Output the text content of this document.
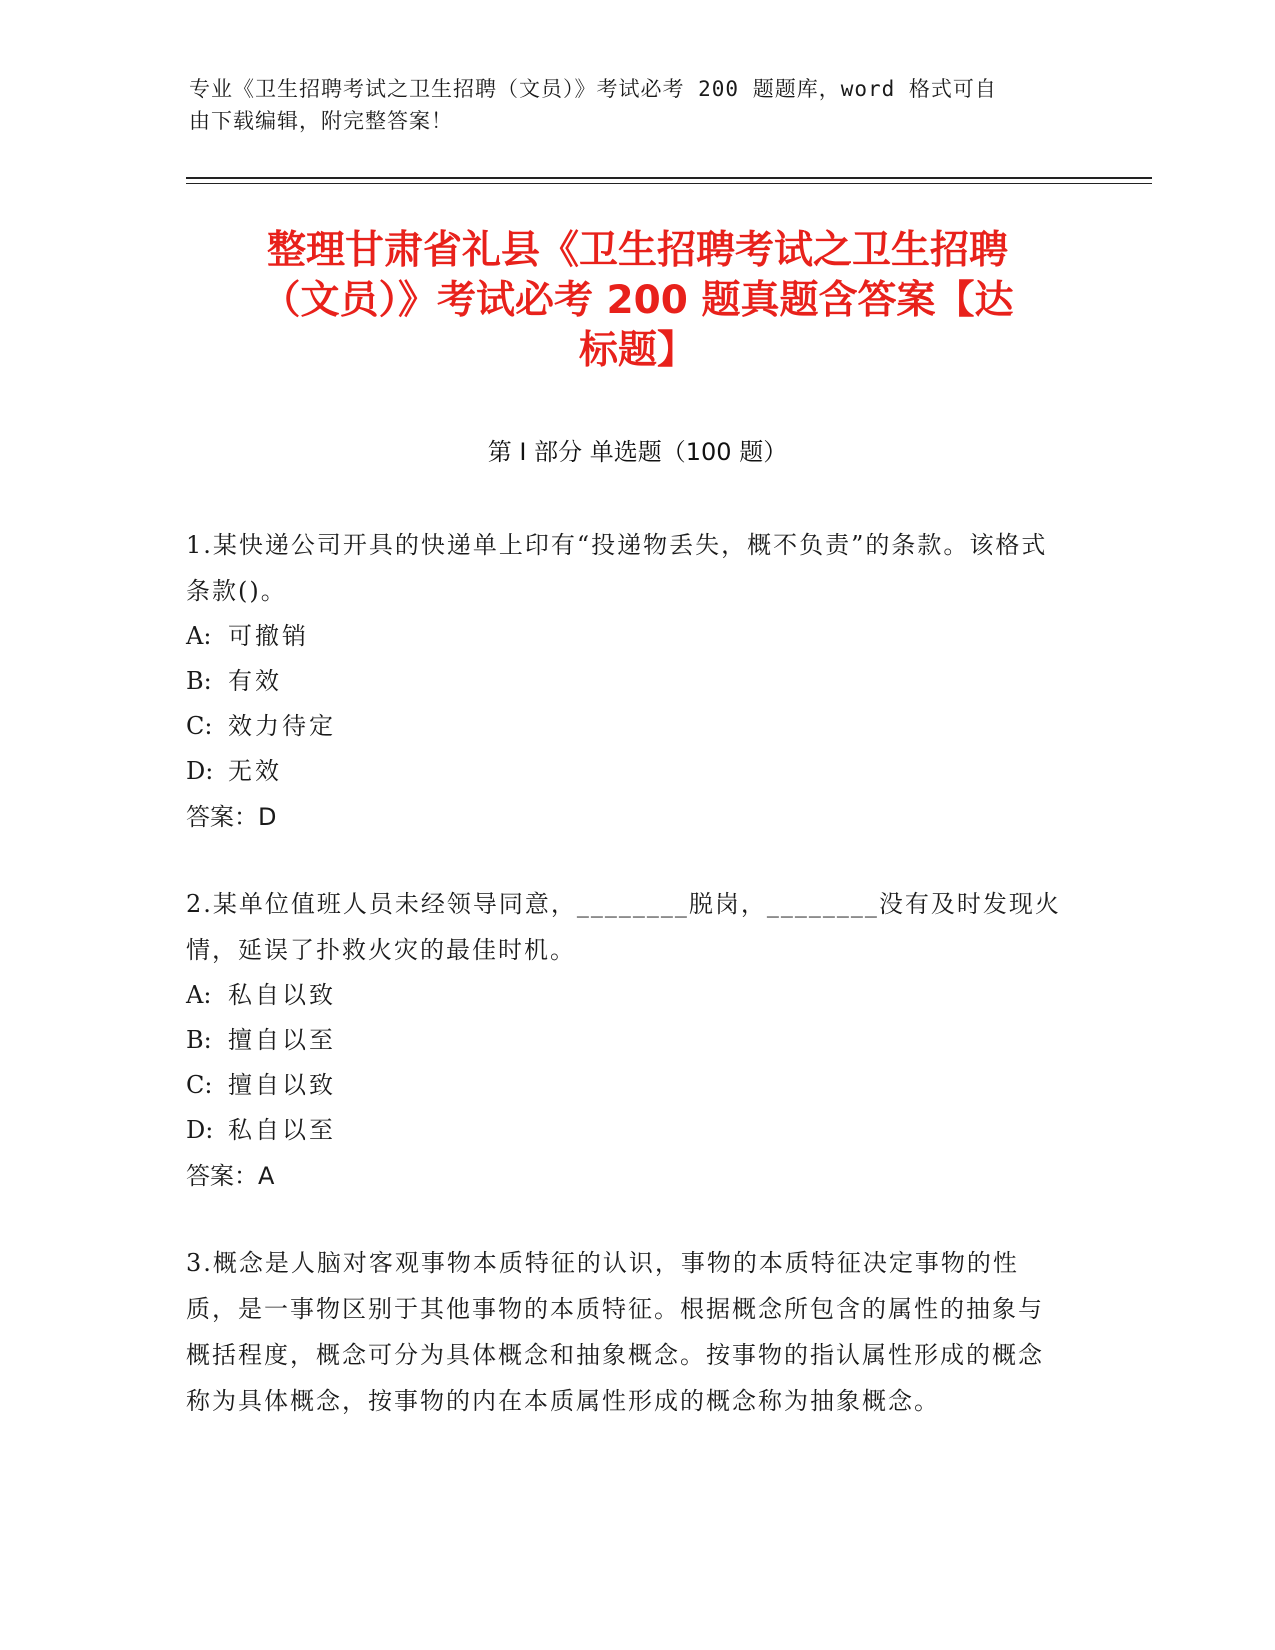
专业《卫生招聘考试之卫生招聘（文员）》考试必考 200 题题库，word 格式可自
由下载编辑，附完整答案！
整理甘肃省礼县《卫生招聘考试之卫生招聘
（文员）》考试必考 200 题真题含答案【达
标题】
第 I 部分 单选题（100 题）

1.某快递公司开具的快递单上印有“投递物丢失，概不负责”的条款。该格式条款()。

A: 可撤销

B: 有效

C: 效力待定

D: 无效

答案：D

2.某单位值班人员未经领导同意，________脱岗，________没有及时发现火情，延误了扑救火灾的最佳时机。

A: 私自以致

B: 擅自以至

C: 擅自以致

D: 私自以至

答案：A

3.概念是人脑对客观事物本质特征的认识，事物的本质特征决定事物的性质，是一事物区别于其他事物的本质特征。根据概念所包含的属性的抽象与概括程度，概念可分为具体概念和抽象概念。按事物的指认属性形成的概念称为具体概念，按事物的内在本质属性形成的概念称为抽象概念。
